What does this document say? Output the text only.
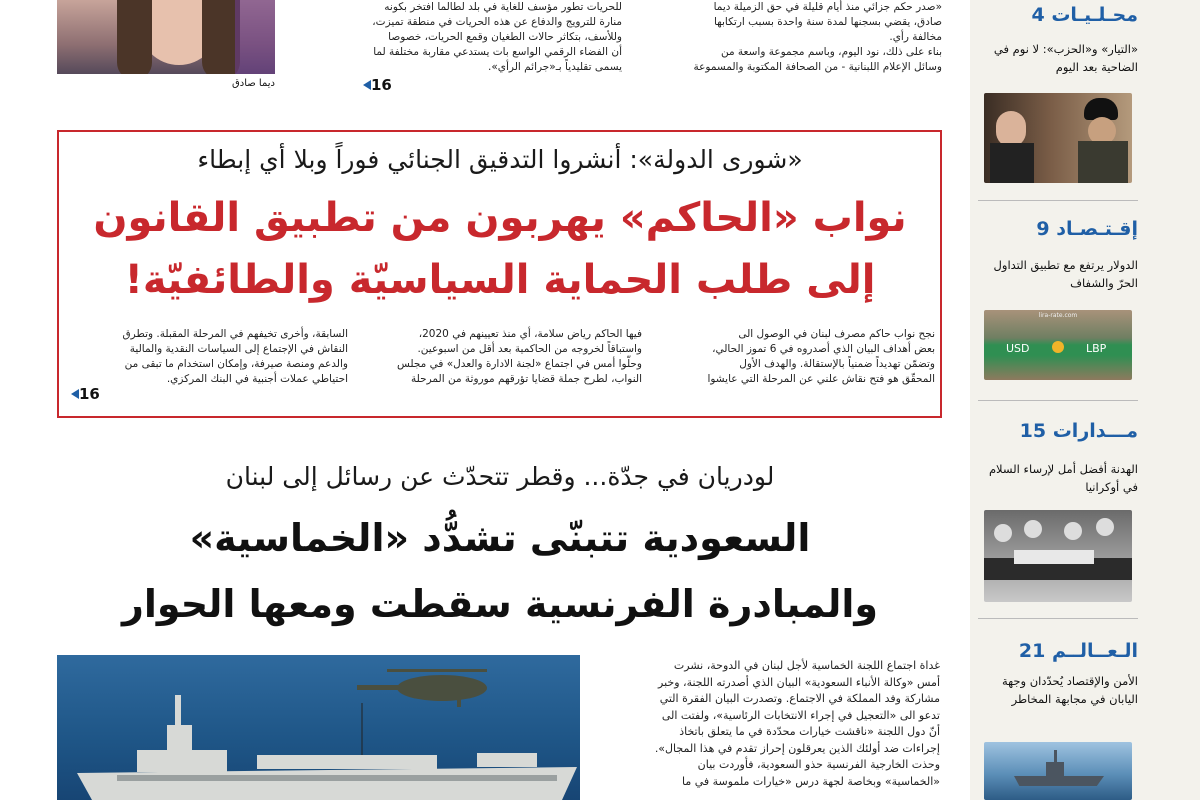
ديما صادق
للحريات تطور مؤسف للغاية في بلد لطالما افتخر بكونه
منارة للترويج والدفاع عن هذه الحريات في منطقة تميزت،
وللأسف، بتكاثر حالات الطغيان وقمع الحريات، خصوصا
أن الفضاء الرقمي الواسع بات يستدعي مقاربة مختلفة لما
يسمى تقليدياً بـ«جرائم الرأي».
16
«صدر حكم جزائي منذ أيام قليلة في حق الزميلة ديما
صادق، يقضي بسجنها لمدة سنة واحدة بسبب ارتكابها
مخالفة رأي.
بناء على ذلك، نود اليوم، وباسم مجموعة واسعة من
وسائل الإعلام اللبنانية - من الصحافة المكتوبة والمسموعة
«شورى الدولة»: أنشروا التدقيق الجنائي فوراً وبلا أي إبطاء
نواب «الحاكم» يهربون من تطبيق القانون
إلى طلب الحماية السياسيّة والطائفيّة!
نجح نواب حاكم مصرف لبنان في الوصول الى
بعض أهداف البيان الذي أصدروه في 6 تموز الحالي،
وتضمّن تهديداً ضمنياً بالإستقالة. والهدف الأول
المحقّق هو فتح نقاش علني عن المرحلة التي عايشوا
فيها الحاكم رياض سلامة، أي منذ تعيينهم في 2020،
واستباقاً لخروجه من الحاكمية بعد أقل من اسبوعين.
وحلّوا أمس في اجتماع «لجنة الادارة والعدل» في مجلس
النواب، لطرح جملة قضايا تؤرقهم موروثة من المرحلة
السابقة، وأخرى تخيفهم في المرحلة المقبلة. وتطرق
النقاش في الإجتماع إلى السياسات النقدية والمالية
والدعم ومنصة صيرفة، وإمكان استخدام ما تبقى من
احتياطي عملات أجنبية في البنك المركزي.
16
لودريان في جدّة... وقطر تتحدّث عن رسائل إلى لبنان
السعودية تتبنّى تشدُّد «الخماسية»
والمبادرة الفرنسية سقطت ومعها الحوار
غداة اجتماع اللجنة الخماسية لأجل لبنان في الدوحة، نشرت
أمس «وكالة الأنباء السعودية» البيان الذي أصدرته اللجنة، وخبر
مشاركة وفد المملكة في الاجتماع. وتصدرت البيان الفقرة التي
تدعو الى «التعجيل في إجراء الانتخابات الرئاسية»، ولفتت الى
أنّ دول اللجنة «ناقشت خيارات محدّدة في ما يتعلق باتخاذ
إجراءات ضد أولئك الذين يعرقلون إحراز تقدم في هذا المجال».
وحذت الخارجية الفرنسية حذو السعودية، فأوردت بيان
«الخماسية» وبخاصة لجهة درس «خيارات ملموسة في ما
محـلـيـات 4
«التيار» و«الحزب»: لا نوم في الضاحية بعد اليوم
إقـتـصـاد 9
الدولار يرتفع مع تطبيق التداول الحرّ والشفاف
lira-rate.com
USD	LBP
مـــدارات 15
الهدنة أفضل أمل لإرساء السلام في أوكرانيا
الـعــالــم 21
الأمن والإقتصاد يُحدّدان وجهة اليابان في مجابهة المخاطر
